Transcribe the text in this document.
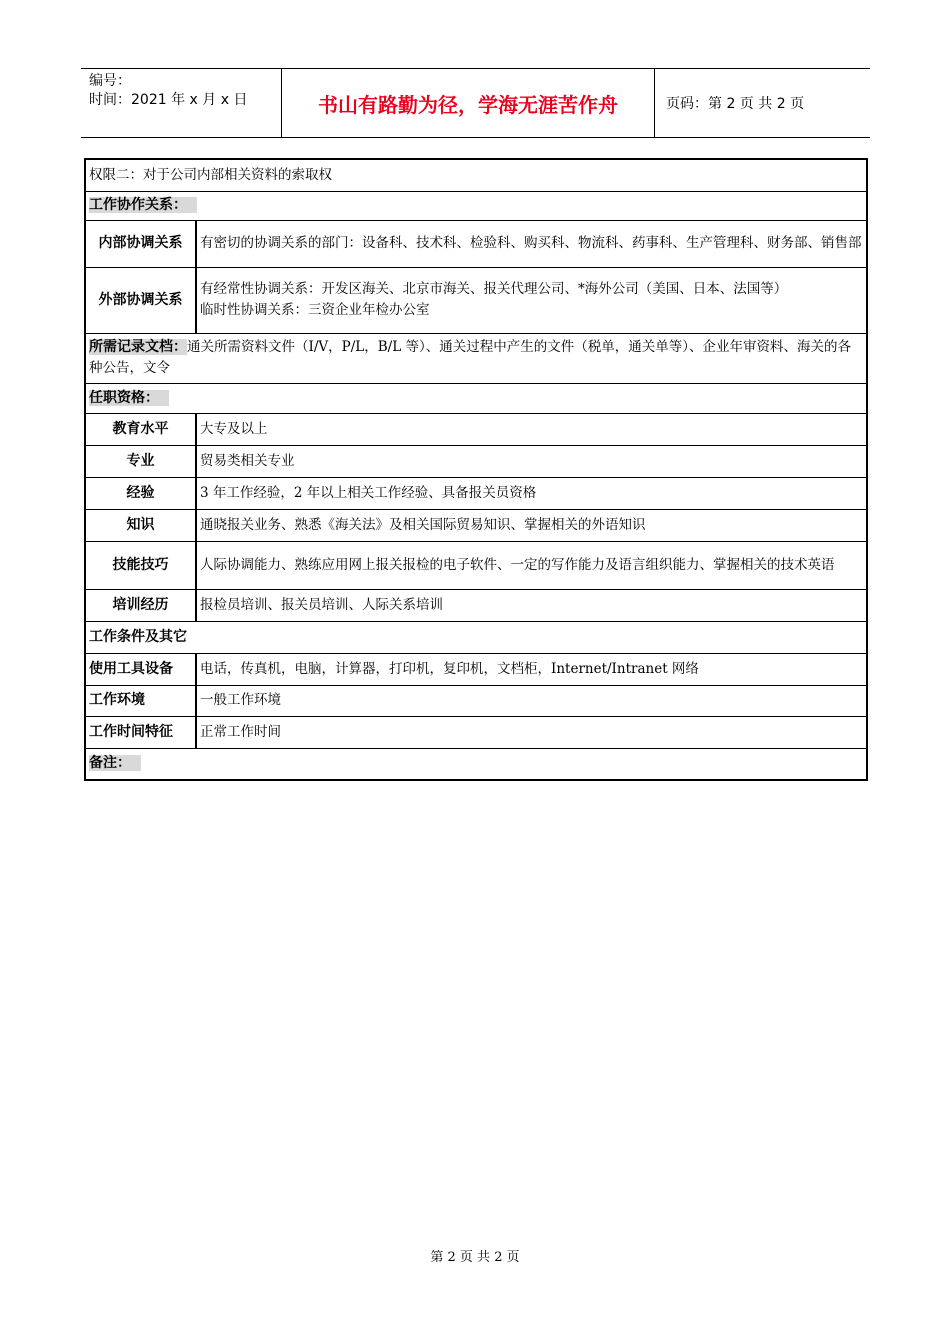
编号：
时间：2021 年 x 月 x 日	书山有路勤为径，学海无涯苦作舟	页码：第 2 页 共 2 页
权限二：对于公司内部相关资料的索取权	
工作协作关系：	
内部协调关系	有密切的协调关系的部门：设备科、技术科、检验科、购买科、物流科、药事科、生产管理科、财务部、销售部
外部协调关系	有经常性协调关系：开发区海关、北京市海关、报关代理公司、*海外公司（美国、日本、法国等）
临时性协调关系：三资企业年检办公室

所需记录文档：通关所需资料文件（I/V，P/L，B/L 等）、通关过程中产生的文件（税单，通关单等）、企业年审资料、海关的各种公告，文令	
任职资格：	
教育水平	大专及以上
专业	贸易类相关专业
经验	3 年工作经验，2 年以上相关工作经验、具备报关员资格
知识	通晓报关业务、熟悉《海关法》及相关国际贸易知识、掌握相关的外语知识
技能技巧	人际协调能力、熟练应用网上报关报检的电子软件、一定的写作能力及语言组织能力、掌握相关的技术英语
培训经历	报检员培训、报关员培训、人际关系培训
工作条件及其它	
使用工具设备	电话，传真机，电脑，计算器，打印机，复印机，文档柜，Internet/Intranet 网络
工作环境	一般工作环境
工作时间特征	正常工作时间
备注：	
第 2 页 共 2 页
